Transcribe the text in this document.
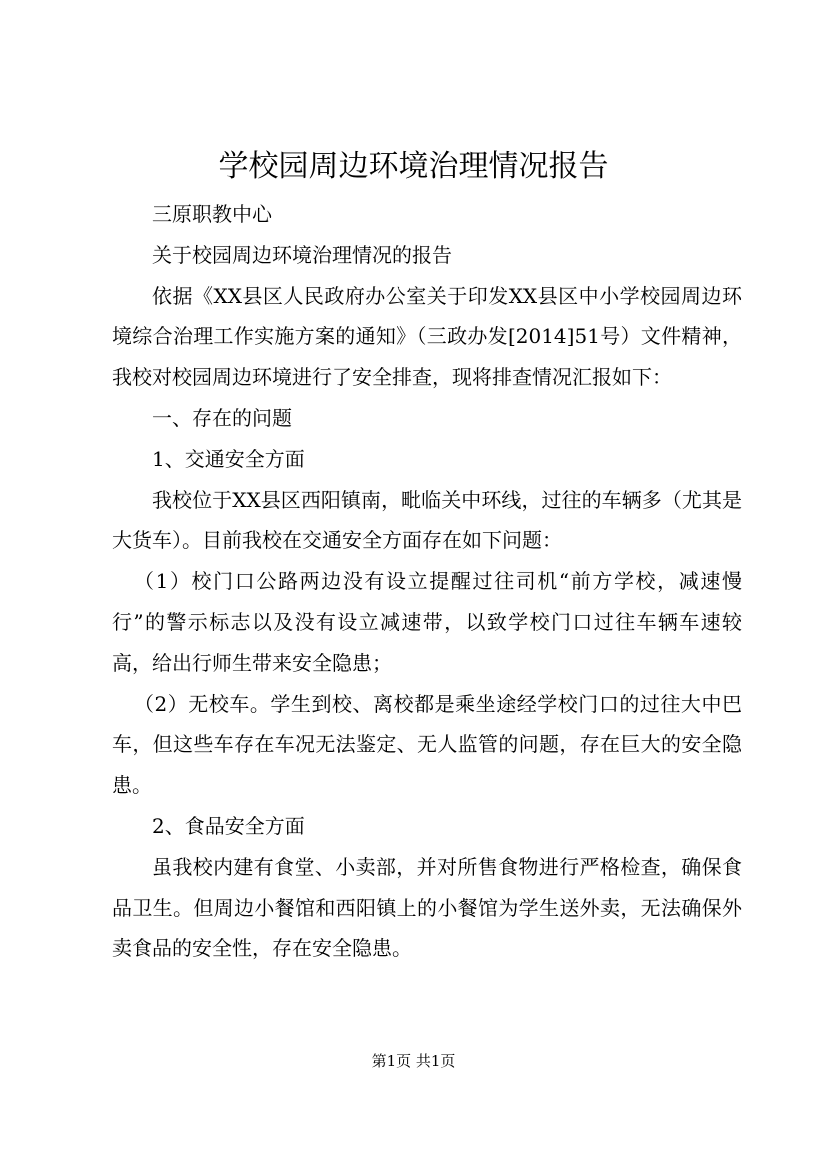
学校园周边环境治理情况报告

三原职教中心

关于校园周边环境治理情况的报告

依据《XX县区人民政府办公室关于印发XX县区中小学校园周边环境综合治理工作实施方案的通知》（三政办发[2014]51号）文件精神，我校对校园周边环境进行了安全排查，现将排查情况汇报如下：

一、存在的问题

1、交通安全方面

我校位于XX县区西阳镇南，毗临关中环线，过往的车辆多（尤其是大货车）。目前我校在交通安全方面存在如下问题：

（1）校门口公路两边没有设立提醒过往司机“前方学校，减速慢行”的警示标志以及没有设立减速带，以致学校门口过往车辆车速较高，给出行师生带来安全隐患；

（2）无校车。学生到校、离校都是乘坐途经学校门口的过往大中巴车，但这些车存在车况无法鉴定、无人监管的问题，存在巨大的安全隐患。

2、食品安全方面

虽我校内建有食堂、小卖部，并对所售食物进行严格检查，确保食品卫生。但周边小餐馆和西阳镇上的小餐馆为学生送外卖，无法确保外卖食品的安全性，存在安全隐患。

第1页 共1页
